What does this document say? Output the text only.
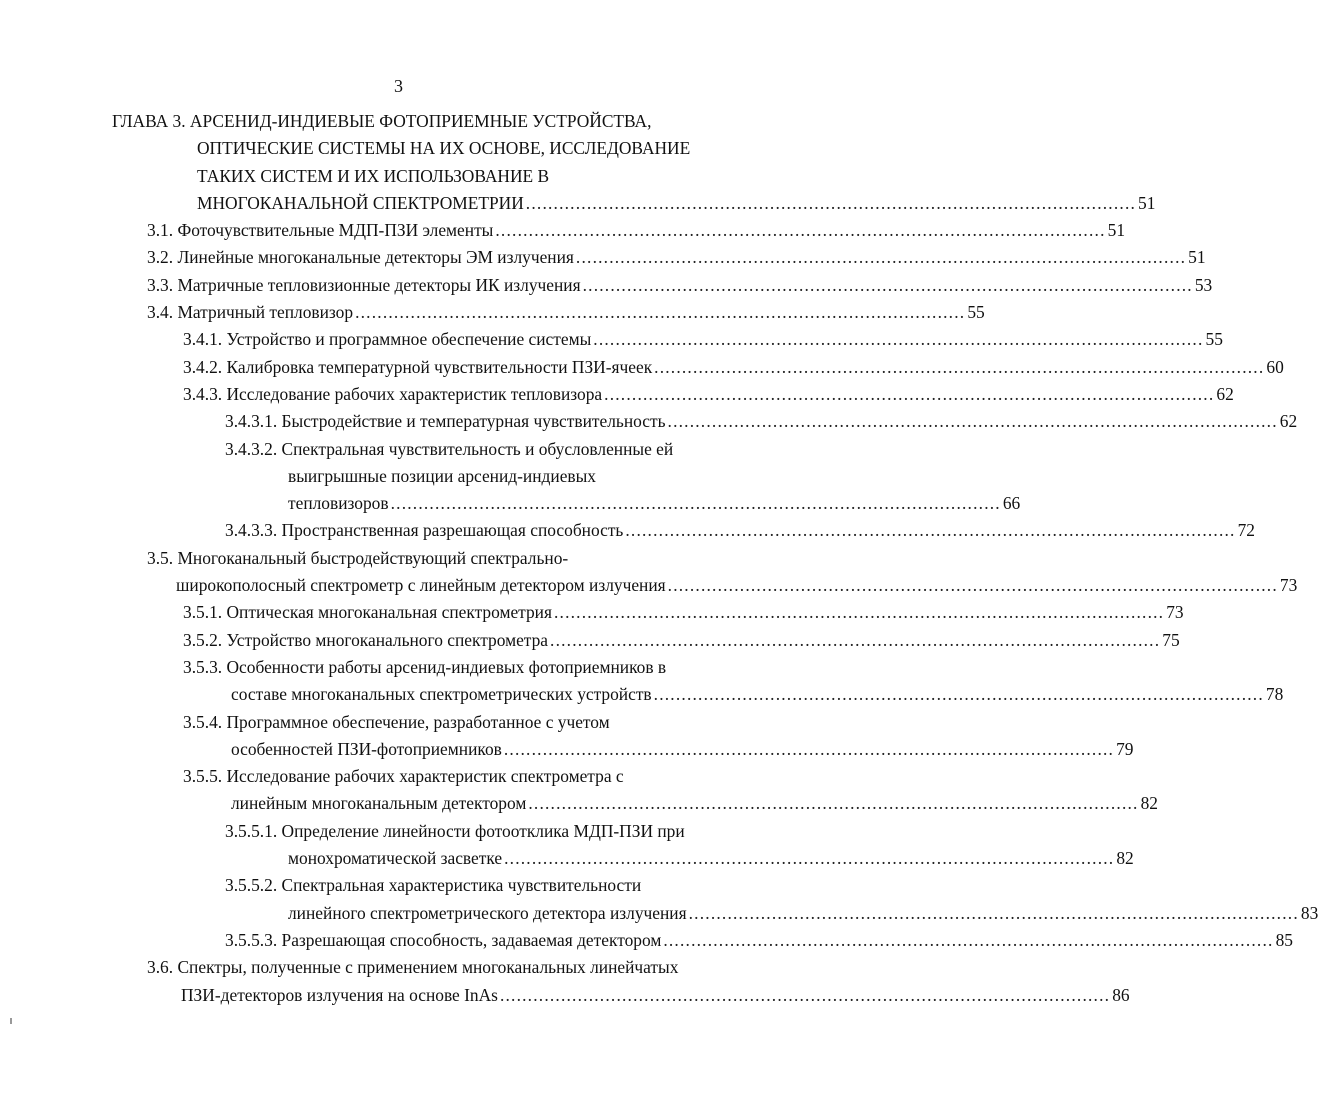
3
ГЛАВА 3.
АРСЕНИД-ИНДИЕВЫЕ ФОТОПРИЕМНЫЕ УСТРОЙСТВА,
ОПТИЧЕСКИЕ СИСТЕМЫ НА ИХ ОСНОВЕ, ИССЛЕДОВАНИЕ
ТАКИХ СИСТЕМ И ИХ ИСПОЛЬЗОВАНИЕ В
МНОГОКАНАЛЬНОЙ СПЕКТРОМЕТРИИ .............................................................................................................. 51
3.1.
Фоточувствительные МДП-ПЗИ элементы .............................................................................................................. 51
3.2.
Линейные многоканальные детекторы ЭМ излучения .............................................................................................................. 51
3.3.
Матричные тепловизионные детекторы ИК излучения .............................................................................................................. 53
3.4.
Матричный тепловизор .............................................................................................................. 55
3.4.1.
Устройство и программное обеспечение системы .............................................................................................................. 55
3.4.2.
Калибровка температурной чувствительности ПЗИ-ячеек .............................................................................................................. 60
3.4.3.
Исследование рабочих характеристик тепловизора .............................................................................................................. 62
3.4.3.1.
Быстродействие и температурная чувствительность .............................................................................................................. 62
3.4.3.2.
Спектральная чувствительность и обусловленные ей
выигрышные позиции арсенид-индиевых
тепловизоров .............................................................................................................. 66
3.4.3.3.
Пространственная разрешающая способность .............................................................................................................. 72
3.5.
Многоканальный быстродействующий спектрально-
широкополосный спектрометр с линейным детектором излучения .............................................................................................................. 73
3.5.1.
Оптическая многоканальная спектрометрия .............................................................................................................. 73
3.5.2.
Устройство многоканального спектрометра .............................................................................................................. 75
3.5.3.
Особенности работы арсенид-индиевых фотоприемников в
составе многоканальных спектрометрических устройств .............................................................................................................. 78
3.5.4.
Программное обеспечение, разработанное с учетом
особенностей ПЗИ-фотоприемников .............................................................................................................. 79
3.5.5.
Исследование рабочих характеристик спектрометра с
линейным многоканальным детектором .............................................................................................................. 82
3.5.5.1.
Определение линейности фотоотклика МДП-ПЗИ при
монохроматической засветке .............................................................................................................. 82
3.5.5.2.
Спектральная характеристика чувствительности
линейного спектрометрического детектора излучения .............................................................................................................. 83
3.5.5.3.
Разрешающая способность, задаваемая детектором .............................................................................................................. 85
3.6.
Спектры, полученные с применением многоканальных линейчатых
ПЗИ-детекторов излучения на основе InAs .............................................................................................................. 86
